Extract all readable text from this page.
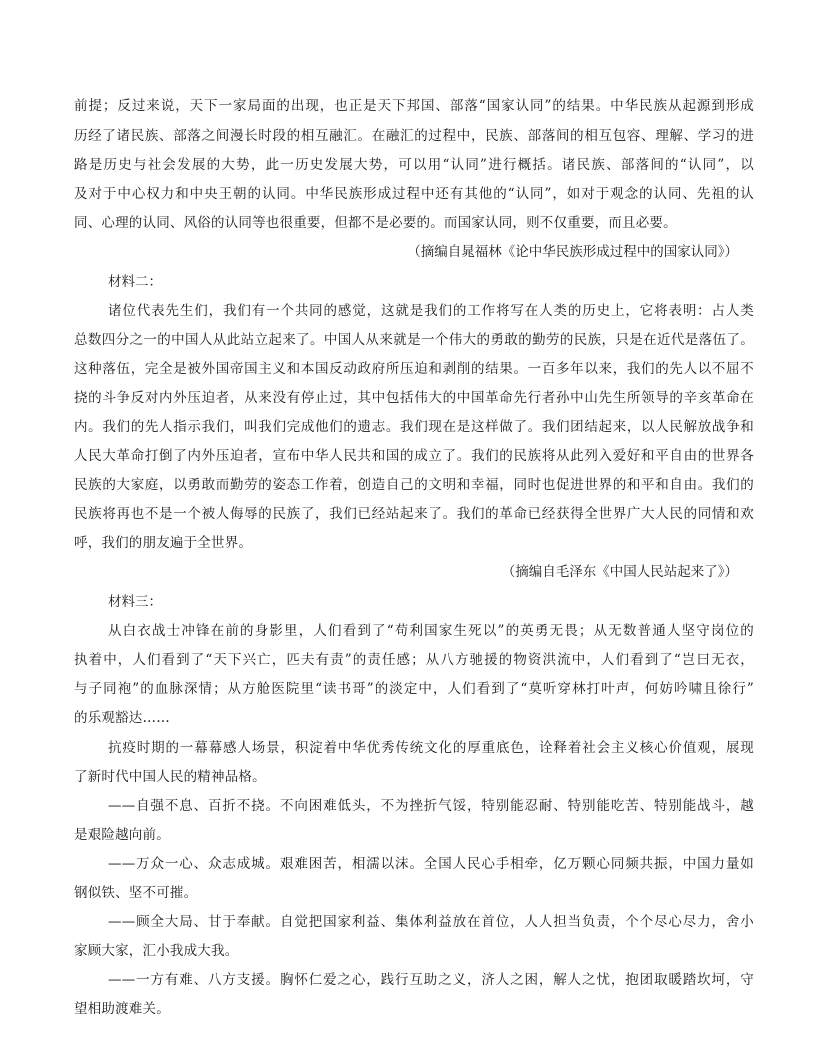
前提；反过来说，天下一家局面的出现，也正是天下邦国、部落“国家认同”的结果。中华民族从起源到形成
历经了诸民族、部落之间漫长时段的相互融汇。在融汇的过程中，民族、部落间的相互包容、理解、学习的进
路是历史与社会发展的大势，此一历史发展大势，可以用“认同”进行概括。诸民族、部落间的“认同”，以
及对于中心权力和中央王朝的认同。中华民族形成过程中还有其他的“认同”，如对于观念的认同、先祖的认
同、心理的认同、风俗的认同等也很重要，但都不是必要的。而国家认同，则不仅重要，而且必要。
（摘编自晁福林《论中华民族形成过程中的国家认同》）
材料二：
诸位代表先生们，我们有一个共同的感觉，这就是我们的工作将写在人类的历史上，它将表明：占人类
总数四分之一的中国人从此站立起来了。中国人从来就是一个伟大的勇敢的勤劳的民族，只是在近代是落伍了。
这种落伍，完全是被外国帝国主义和本国反动政府所压迫和剥削的结果。一百多年以来，我们的先人以不屈不
挠的斗争反对内外压迫者，从来没有停止过，其中包括伟大的中国革命先行者孙中山先生所领导的辛亥革命在
内。我们的先人指示我们，叫我们完成他们的遗志。我们现在是这样做了。我们团结起来，以人民解放战争和
人民大革命打倒了内外压迫者，宣布中华人民共和国的成立了。我们的民族将从此列入爱好和平自由的世界各
民族的大家庭，以勇敢而勤劳的姿态工作着，创造自己的文明和幸福，同时也促进世界的和平和自由。我们的
民族将再也不是一个被人侮辱的民族了，我们已经站起来了。我们的革命已经获得全世界广大人民的同情和欢
呼，我们的朋友遍于全世界。
（摘编自毛泽东《中国人民站起来了》）
材料三：
从白衣战士冲锋在前的身影里，人们看到了“苟利国家生死以”的英勇无畏；从无数普通人坚守岗位的
执着中，人们看到了“天下兴亡，匹夫有责”的责任感；从八方驰援的物资洪流中，人们看到了“岂曰无衣，
与子同袍”的血脉深情；从方舱医院里“读书哥”的淡定中，人们看到了“莫听穿林打叶声，何妨吟啸且徐行”
的乐观豁达……
抗疫时期的一幕幕感人场景，积淀着中华优秀传统文化的厚重底色，诠释着社会主义核心价值观，展现
了新时代中国人民的精神品格。
——自强不息、百折不挠。不向困难低头，不为挫折气馁，特别能忍耐、特别能吃苦、特别能战斗，越
是艰险越向前。
——万众一心、众志成城。艰难困苦，相濡以沫。全国人民心手相牵，亿万颗心同频共振，中国力量如
钢似铁、坚不可摧。
——顾全大局、甘于奉献。自觉把国家利益、集体利益放在首位，人人担当负责，个个尽心尽力，舍小
家顾大家，汇小我成大我。
——一方有难、八方支援。胸怀仁爱之心，践行互助之义，济人之困，解人之忧，抱团取暖踏坎坷，守
望相助渡难关。
